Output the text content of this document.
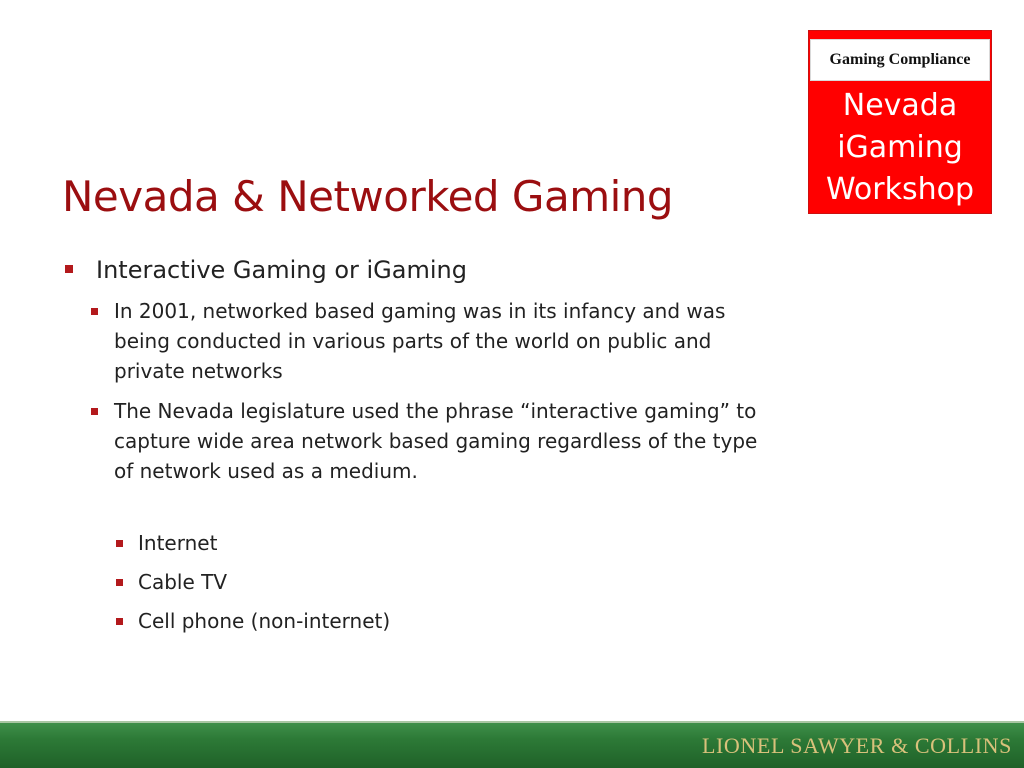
Gaming Compliance
Nevada
iGaming
Workshop
Nevada & Networked Gaming
Interactive Gaming or iGaming
In 2001, networked based gaming was in its infancy and was being conducted in various parts of the world on public and private networks
The Nevada legislature used the phrase “interactive gaming” to capture wide area network based gaming regardless of the type of network used as a medium.
Internet
Cable TV
Cell phone (non-internet)
LIONEL SAWYER & COLLINS
